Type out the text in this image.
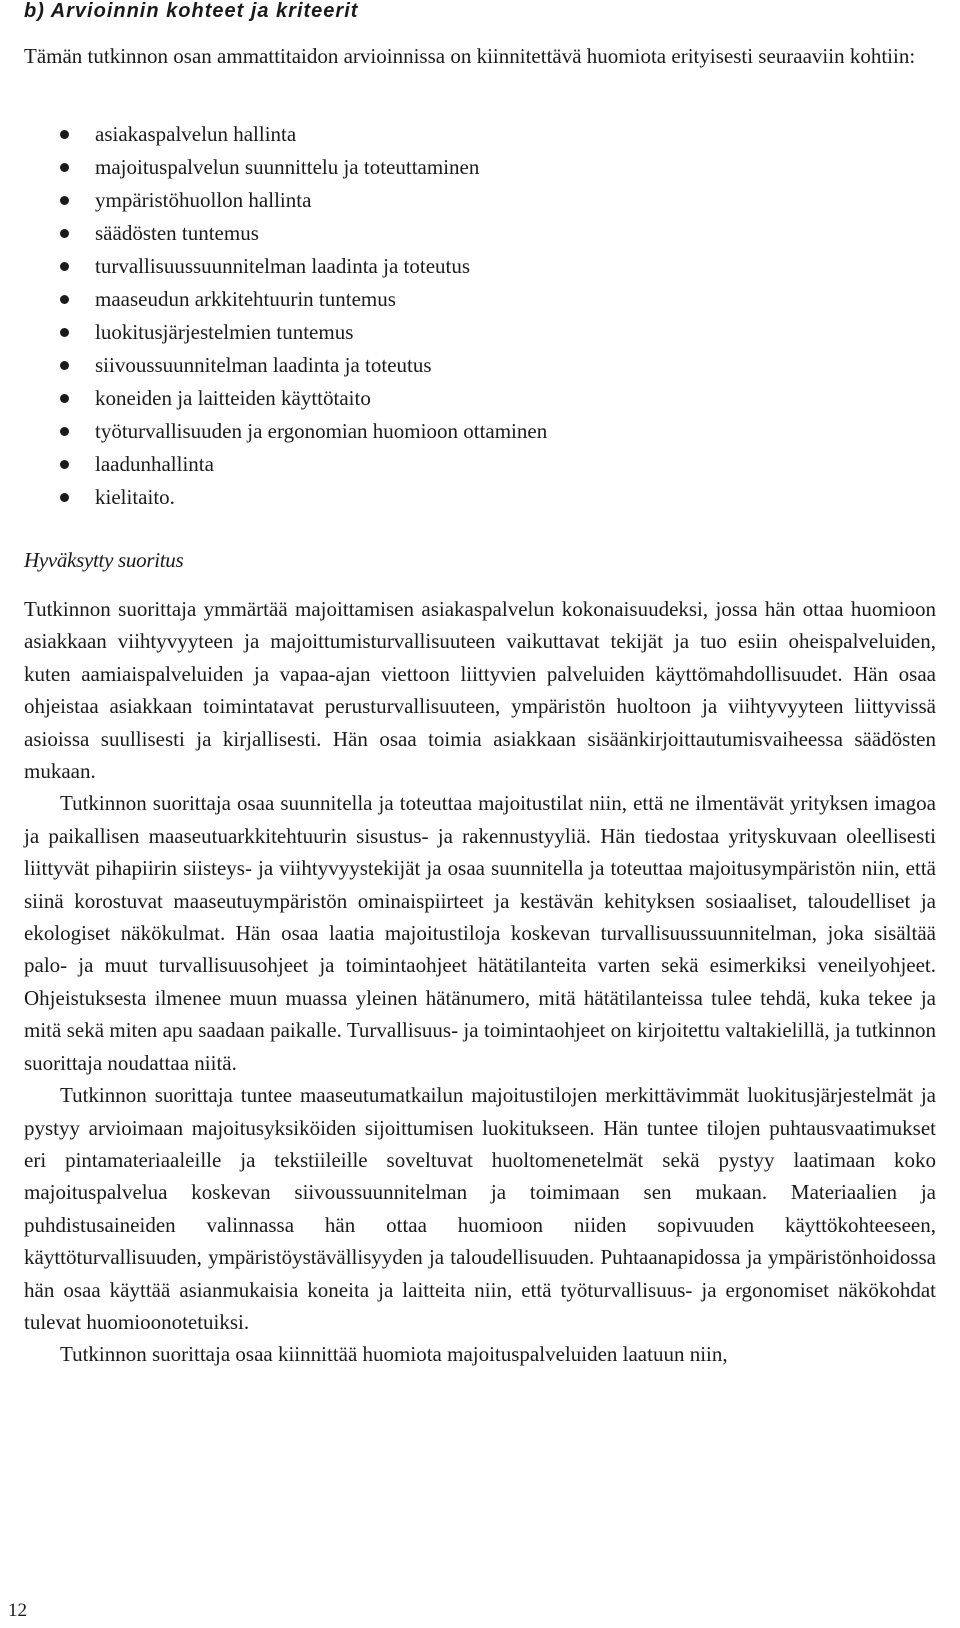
b) Arvioinnin kohteet ja kriteerit

Tämän tutkinnon osan ammattitaidon arvioinnissa on kiinnitettävä huomiota erityisesti seuraaviin kohtiin:

asiakaspalvelun hallinta
majoituspalvelun suunnittelu ja toteuttaminen
ympäristöhuollon hallinta
säädösten tuntemus
turvallisuussuunnitelman laadinta ja toteutus
maaseudun arkkitehtuurin tuntemus
luokitusjärjestelmien tuntemus
siivoussuunnitelman laadinta ja toteutus
koneiden ja laitteiden käyttötaito
työturvallisuuden ja ergonomian huomioon ottaminen
laadunhallinta
kielitaito.
Hyväksytty suoritus

Tutkinnon suorittaja ymmärtää majoittamisen asiakaspalvelun kokonaisuudeksi, jossa hän ottaa huomioon asiakkaan viihtyvyyteen ja majoittumisturvallisuuteen vaikuttavat tekijät ja tuo esiin oheispalveluiden, kuten aamiaispalveluiden ja vapaa-ajan viettoon liittyvien palveluiden käyttömahdollisuudet. Hän osaa ohjeistaa asiakkaan toimintatavat perusturvallisuuteen, ympäristön huoltoon ja viihtyvyyteen liittyvissä asioissa suullisesti ja kirjallisesti. Hän osaa toimia asiakkaan sisäänkirjoittautumisvaiheessa säädösten mukaan.

Tutkinnon suorittaja osaa suunnitella ja toteuttaa majoitustilat niin, että ne ilmentävät yrityksen imagoa ja paikallisen maaseutuarkkitehtuurin sisustus- ja rakennustyyliä. Hän tiedostaa yrityskuvaan oleellisesti liittyvät pihapiirin siisteys- ja viihtyvyystekijät ja osaa suunnitella ja toteuttaa majoitusympäristön niin, että siinä korostuvat maaseutuympäristön ominaispiirteet ja kestävän kehityksen sosiaaliset, taloudelliset ja ekologiset näkökulmat. Hän osaa laatia majoitustiloja koskevan turvallisuussuunnitelman, joka sisältää palo- ja muut turvallisuusohjeet ja toimintaohjeet hätätilanteita varten sekä esimerkiksi veneilyohjeet. Ohjeistuksesta ilmenee muun muassa yleinen hätänumero, mitä hätätilanteissa tulee tehdä, kuka tekee ja mitä sekä miten apu saadaan paikalle. Turvallisuus- ja toimintaohjeet on kirjoitettu valtakielillä, ja tutkinnon suorittaja noudattaa niitä.

Tutkinnon suorittaja tuntee maaseutumatkailun majoitustilojen merkittävimmät luokitusjärjestelmät ja pystyy arvioimaan majoitusyksiköiden sijoittumisen luokitukseen. Hän tuntee tilojen puhtausvaatimukset eri pintamateriaaleille ja tekstiileille soveltuvat huoltomenetelmät sekä pystyy laatimaan koko majoituspalvelua koskevan siivoussuunnitelman ja toimimaan sen mukaan. Materiaalien ja puhdistusaineiden valinnassa hän ottaa huomioon niiden sopivuuden käyttökohteeseen, käyttöturvallisuuden, ympäristöystävällisyyden ja taloudellisuuden. Puhtaanapidossa ja ympäristönhoidossa hän osaa käyttää asianmukaisia koneita ja laitteita niin, että työturvallisuus- ja ergonomiset näkökohdat tulevat huomioonotetuiksi.

Tutkinnon suorittaja osaa kiinnittää huomiota majoituspalveluiden laatuun niin,

12
